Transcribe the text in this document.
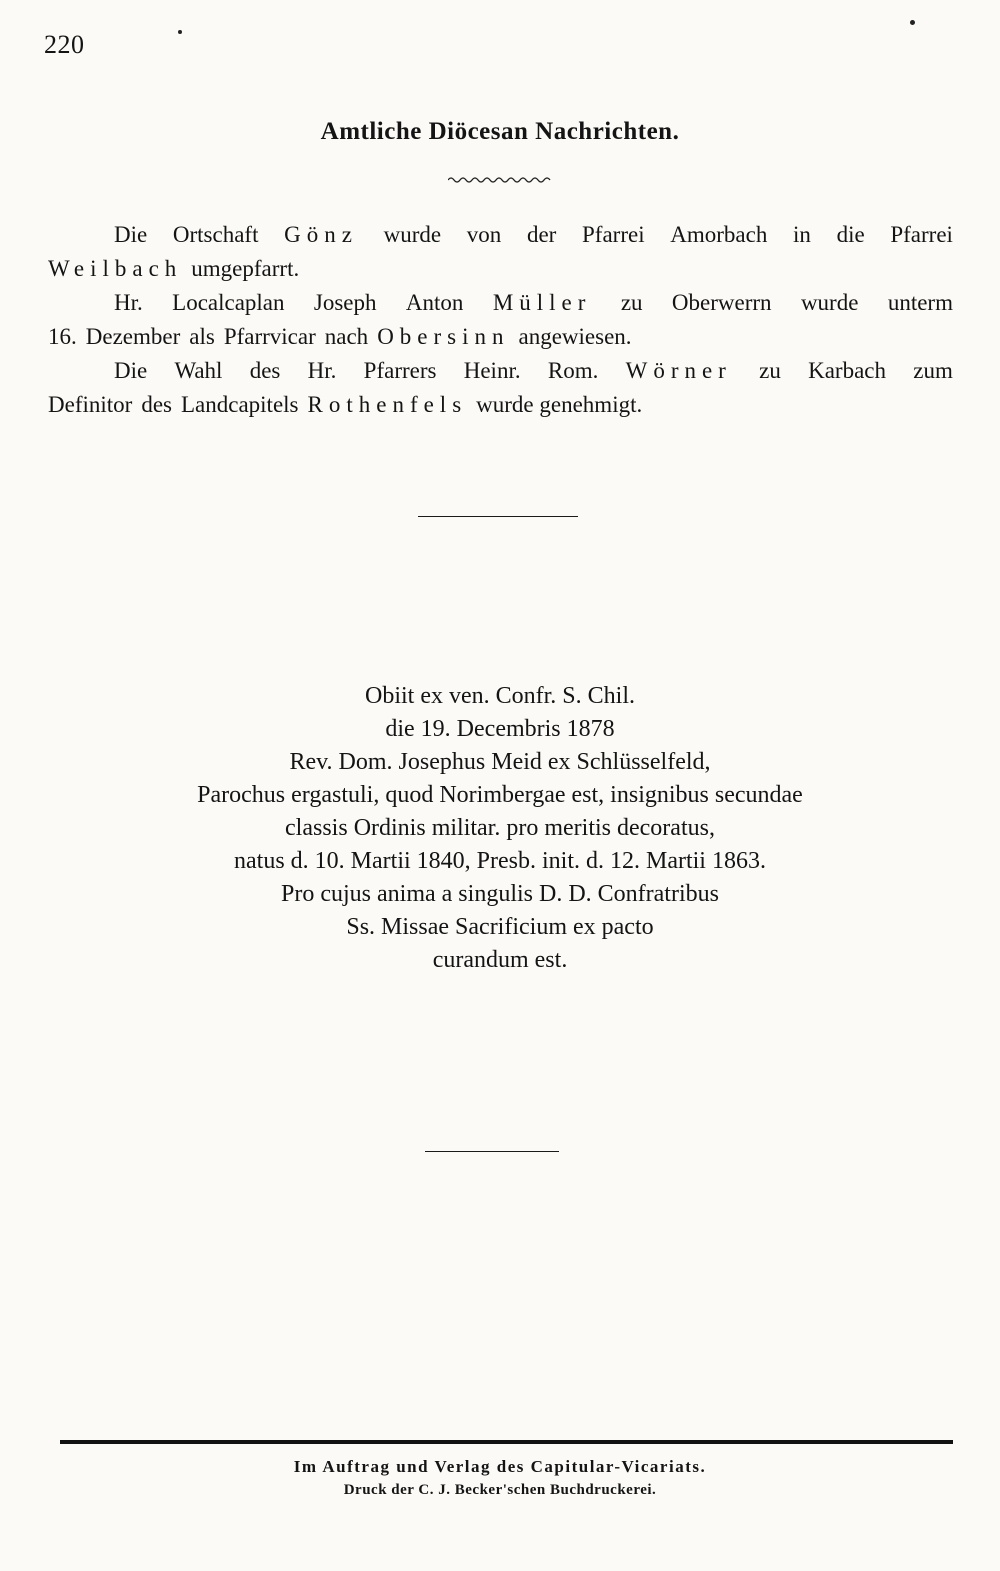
220
Amtliche Diöcesan Nachrichten.
Die Ortschaft Gönz wurde von der Pfarrei Amorbach in die Pfarrei
Weilbach umgepfarrt.
Hr. Localcaplan Joseph Anton Müller zu Oberwerrn wurde unterm
16. Dezember als Pfarrvicar nach Obersinn angewiesen.
Die Wahl des Hr. Pfarrers Heinr. Rom. Wörner zu Karbach zum
Definitor des Landcapitels Rothenfels wurde genehmigt.
Obiit ex ven. Confr. S. Chil.
die 19. Decembris 1878
Rev. Dom. Josephus Meid ex Schlüsselfeld,
Parochus ergastuli, quod Norimbergae est, insignibus secundae
classis Ordinis militar. pro meritis decoratus,
natus d. 10. Martii 1840, Presb. init. d. 12. Martii 1863.
Pro cujus anima a singulis D. D. Confratribus
Ss. Missae Sacrificium ex pacto
curandum est.
Im Auftrag und Verlag des Capitular-Vicariats.
Druck der C. J. Becker'schen Buchdruckerei.
